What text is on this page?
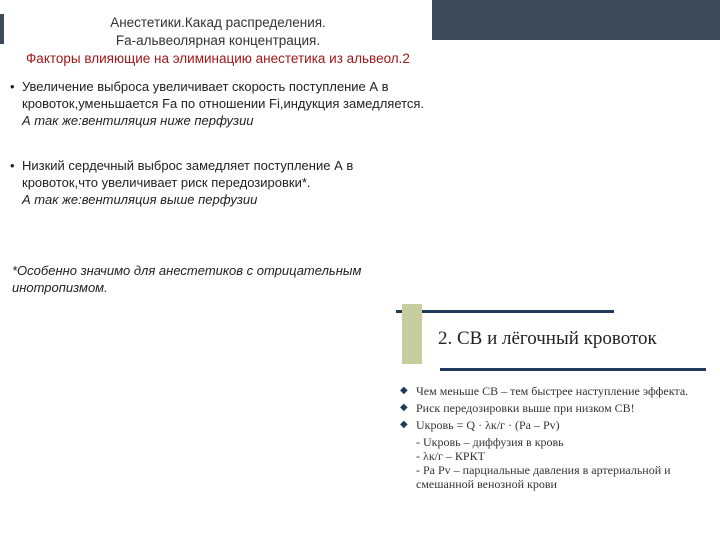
Анестетики.Какад распределения.
Fa-альвеолярная концентрация.
Факторы влияющие на элиминацию анестетика из альвеол.2
• Увеличение выброса увеличивает скорость поступление А в кровоток,уменьшается Fa по отношении Fi,индукция замедляется.
А так же:вентиляция ниже перфузии
• Низкий сердечный выброс замедляет поступление А в кровоток,что увеличивает риск передозировки*.
А так же:вентиляция выше перфузии
*Особенно значимо для анестетиков с отрицательным инотропизмом.
2. СВ и лёгочный кровоток
◆ Чем меньше СВ – тем быстрее наступление эффекта.
◆ Риск передозировки выше при низком СВ!
◆ Uкровь = Q · λк/г · (Pa – Pv)
- Uкровь – диффузия в кровь
- λк/г – КРКТ
- Pa Pv – парциальные давления в артериальной и смешанной венозной крови
